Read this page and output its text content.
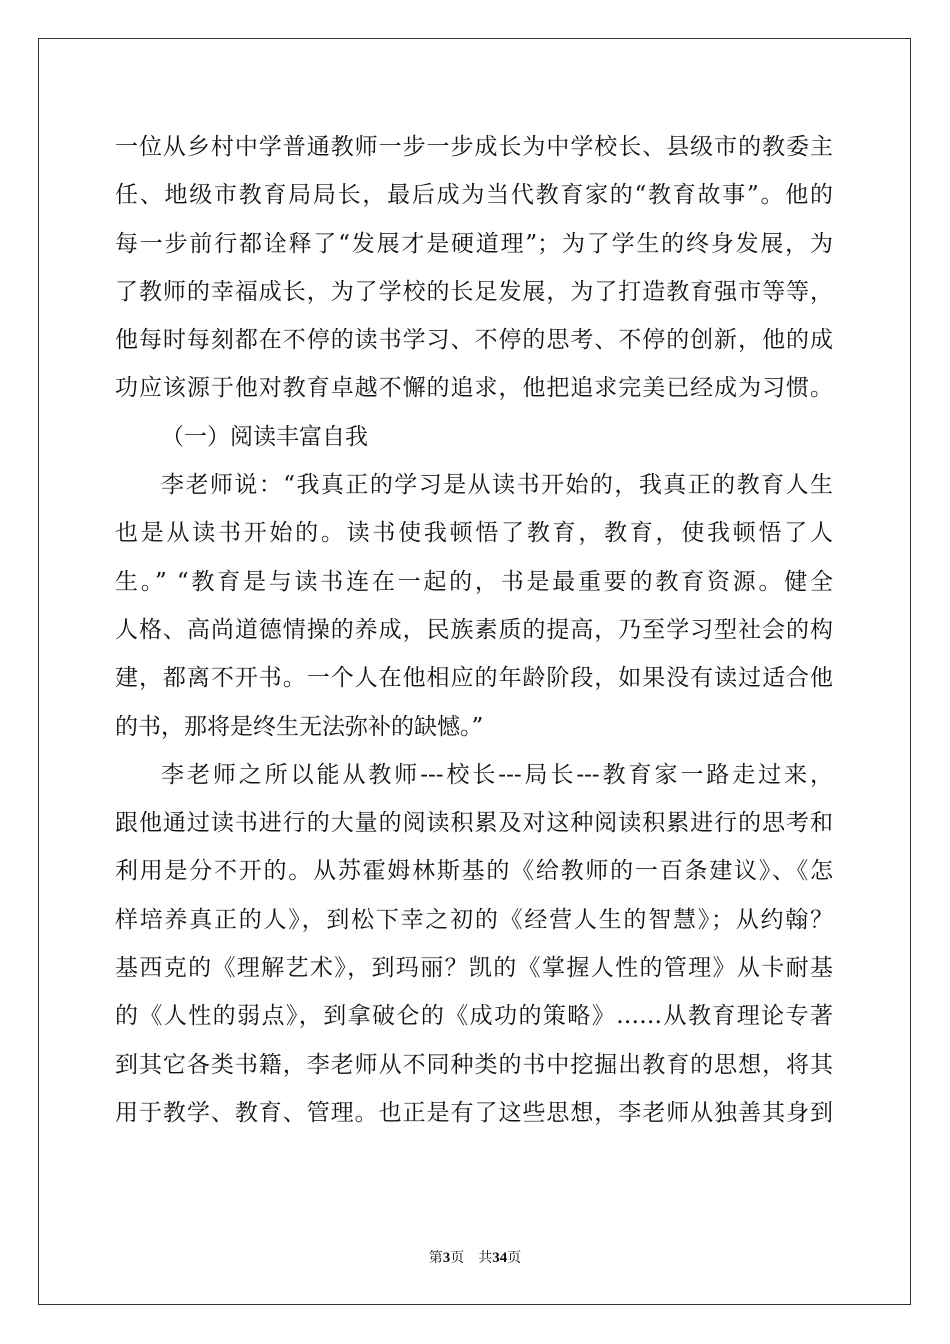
一位从乡村中学普通教师一步一步成长为中学校长、县级市的教委主
任、地级市教育局局长，最后成为当代教育家的“教育故事”。他的
每一步前行都诠释了“发展才是硬道理”；为了学生的终身发展，为
了教师的幸福成长，为了学校的长足发展，为了打造教育强市等等，
他每时每刻都在不停的读书学习、不停的思考、不停的创新，他的成
功应该源于他对教育卓越不懈的追求，他把追求完美已经成为习惯。
（一）阅读丰富自我
李老师说：“我真正的学习是从读书开始的，我真正的教育人生
也是从读书开始的。读书使我顿悟了教育，教育，使我顿悟了人
生。” “教育是与读书连在一起的，书是最重要的教育资源。健全
人格、高尚道德情操的养成，民族素质的提高，乃至学习型社会的构
建，都离不开书。一个人在他相应的年龄阶段，如果没有读过适合他
的书，那将是终生无法弥补的缺憾。”
李老师之所以能从教师---校长---局长---教育家一路走过来，
跟他通过读书进行的大量的阅读积累及对这种阅读积累进行的思考和
利用是分不开的。从苏霍姆林斯基的《给教师的一百条建议》、《怎
样培养真正的人》，到松下幸之初的《经营人生的智慧》；从约翰？
基西克的《理解艺术》，到玛丽？凯的《掌握人性的管理》从卡耐基
的《人性的弱点》，到拿破仑的《成功的策略》……从教育理论专著
到其它各类书籍，李老师从不同种类的书中挖掘出教育的思想，将其
用于教学、教育、管理。也正是有了这些思想，李老师从独善其身到
第3页　共34页
